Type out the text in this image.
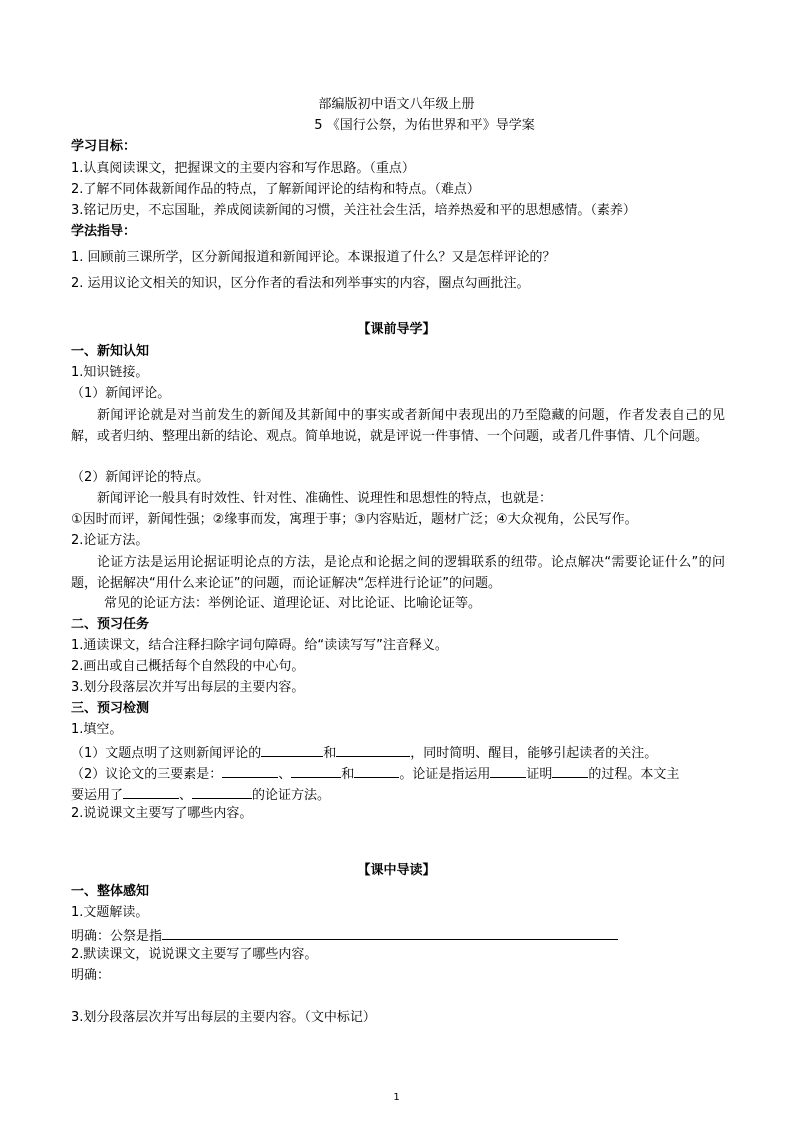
部编版初中语文八年级上册
5 《国行公祭，为佑世界和平》导学案
学习目标：
1.认真阅读课文，把握课文的主要内容和写作思路。（重点）
2.了解不同体裁新闻作品的特点，了解新闻评论的结构和特点。（难点）
3.铭记历史，不忘国耻，养成阅读新闻的习惯，关注社会生活，培养热爱和平的思想感情。（素养）
学法指导：
1. 回顾前三课所学，区分新闻报道和新闻评论。本课报道了什么？又是怎样评论的？
2. 运用议论文相关的知识，区分作者的看法和列举事实的内容，圈点勾画批注。
【课前导学】
一、新知认知
1.知识链接。
（1）新闻评论。
新闻评论就是对当前发生的新闻及其新闻中的事实或者新闻中表现出的乃至隐藏的问题，作者发表自己的见解，或者归纳、整理出新的结论、观点。简单地说，就是评说一件事情、一个问题，或者几件事情、几个问题。
（2）新闻评论的特点。
新闻评论一般具有时效性、针对性、准确性、说理性和思想性的特点，也就是：
①因时而评，新闻性强；②缘事而发，寓理于事；③内容贴近，题材广泛；④大众视角，公民写作。
2.论证方法。
论证方法是运用论据证明论点的方法，是论点和论据之间的逻辑联系的纽带。论点解决“需要论证什么”的问题，论据解决“用什么来论证”的问题，而论证解决“怎样进行论证”的问题。
常见的论证方法：举例论证、道理论证、对比论证、比喻论证等。
二、预习任务
1.通读课文，结合注释扫除字词句障碍。给“读读写写”注音释义。
2.画出或自己概括每个自然段的中心句。
3.划分段落层次并写出每层的主要内容。
三、预习检测
1.填空。
（1）文题点明了这则新闻评论的	和	，同时简明、醒目，能够引起读者的关注。
（2）议论文的三要素是：	、	和	。论证是指运用	证明	的过程。本文主
要运用了	、	的论证方法。
2.说说课文主要写了哪些内容。
【课中导读】
一、整体感知
1.文题解读。
明确：公祭是指
2.默读课文，说说课文主要写了哪些内容。
明确：
3.划分段落层次并写出每层的主要内容。（文中标记）
1
